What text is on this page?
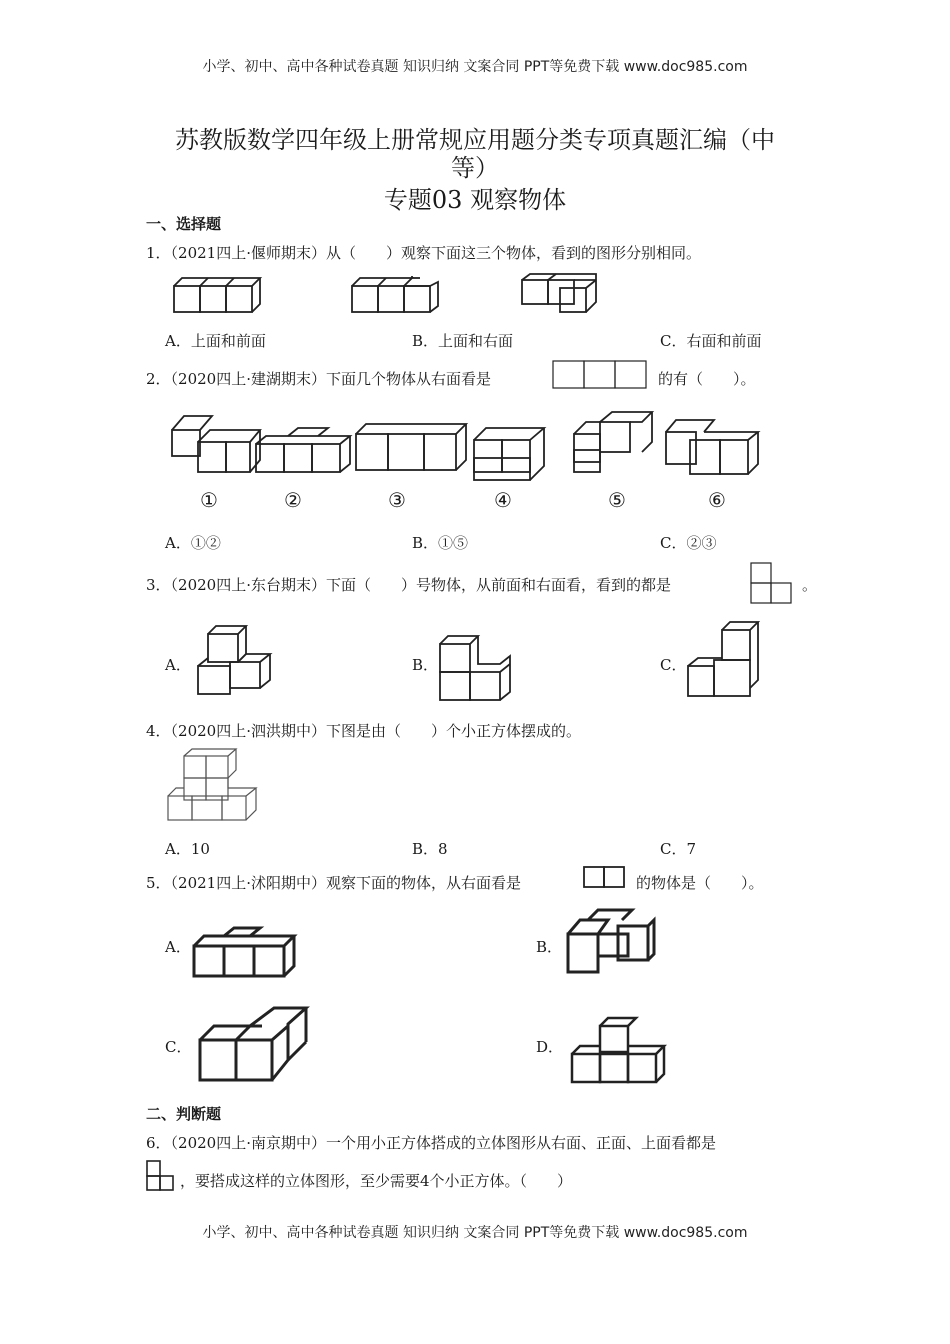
小学、初中、高中各种试卷真题 知识归纳 文案合同 PPT等免费下载 www.doc985.com
苏教版数学四年级上册常规应用题分类专项真题汇编（中
等）
专题03 观察物体
一、选择题
1．（2021四上·偃师期末）从（　　）观察下面这三个物体，看到的图形分别相同。
A．上面和前面	B．上面和右面	C．右面和前面
2．（2020四上·建湖期末）下面几个物体从右面看是	的有（　　）。
①	②	③	④	⑤	⑥
A．①②	B．①⑤	C．②③
3．（2020四上·东台期末）下面（　　）号物体，从前面和右面看，看到的都是	。
A．	B．	C．
4．（2020四上·泗洪期中）下图是由（　　）个小正方体摆成的。
A．10	B．8	C．7
5．（2021四上·沭阳期中）观察下面的物体，从右面看是	的物体是（　　）。
A．	B．
C．	D．
二、判断题
6．（2020四上·南京期中）一个用小正方体搭成的立体图形从右面、正面、上面看都是
，要搭成这样的立体图形，至少需要4个小正方体。（　　）
小学、初中、高中各种试卷真题 知识归纳 文案合同 PPT等免费下载 www.doc985.com
